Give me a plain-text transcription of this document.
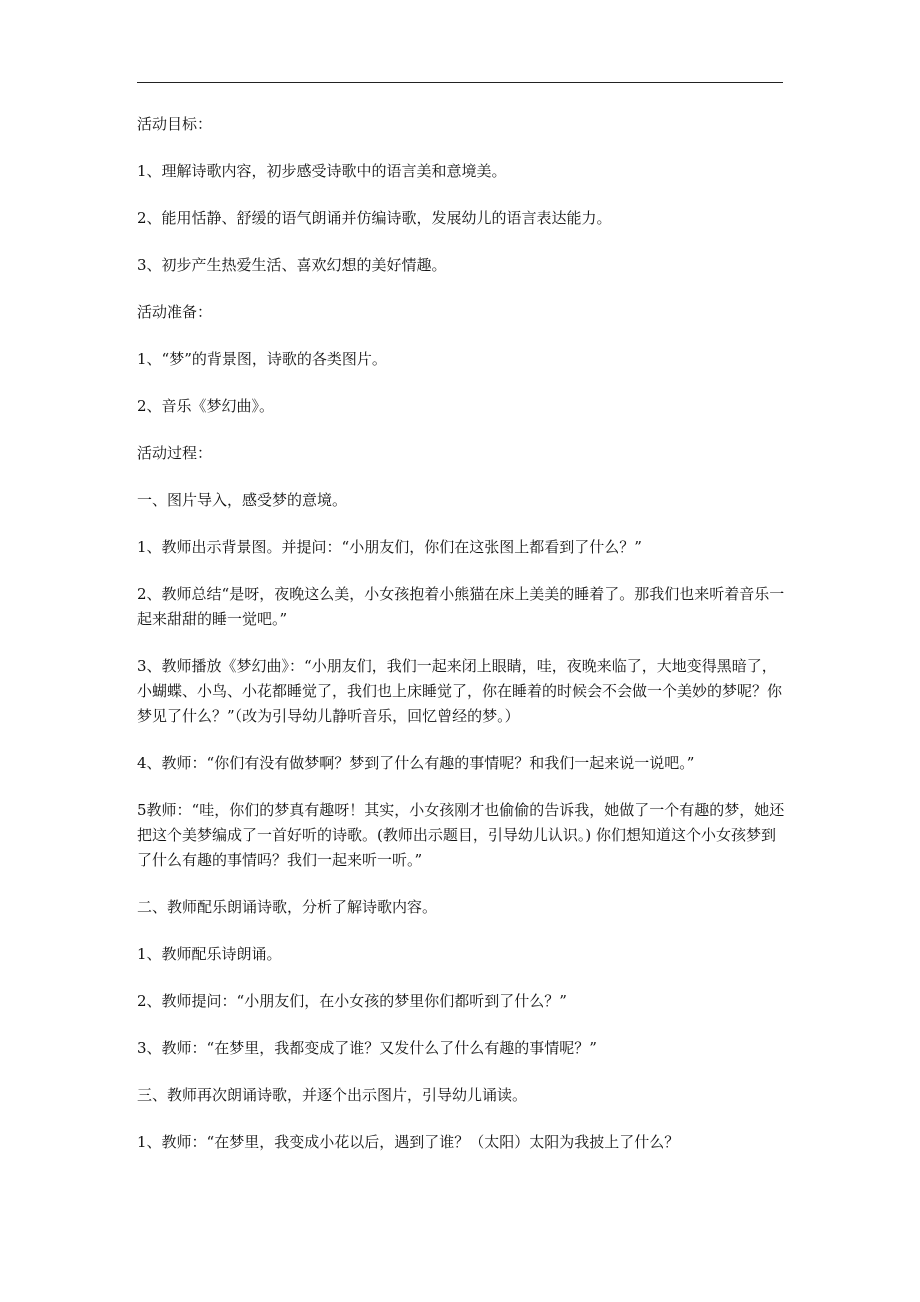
活动目标：

1、理解诗歌内容，初步感受诗歌中的语言美和意境美。

2、能用恬静、舒缓的语气朗诵并仿编诗歌，发展幼儿的语言表达能力。

3、初步产生热爱生活、喜欢幻想的美好情趣。

活动准备：

1、“梦”的背景图，诗歌的各类图片。

2、音乐《梦幻曲》。

活动过程：

一、图片导入，感受梦的意境。

1、教师出示背景图。并提问：“小朋友们，你们在这张图上都看到了什么？”

2、教师总结“是呀，夜晚这么美，小女孩抱着小熊猫在床上美美的睡着了。那我们也来听着音乐一起来甜甜的睡一觉吧。”

3、教师播放《梦幻曲》：“小朋友们，我们一起来闭上眼睛，哇，夜晚来临了，大地变得黑暗了，小蝴蝶、小鸟、小花都睡觉了，我们也上床睡觉了，你在睡着的时候会不会做一个美妙的梦呢？你梦见了什么？”（改为引导幼儿静听音乐，回忆曾经的梦。）

4、教师：“你们有没有做梦啊？梦到了什么有趣的事情呢？和我们一起来说一说吧。”

5教师：“哇，你们的梦真有趣呀！其实，小女孩刚才也偷偷的告诉我，她做了一个有趣的梦，她还把这个美梦编成了一首好听的诗歌。(教师出示题目，引导幼儿认识。) 你们想知道这个小女孩梦到了什么有趣的事情吗？我们一起来听一听。”

二、教师配乐朗诵诗歌，分析了解诗歌内容。

1、教师配乐诗朗诵。

2、教师提问：“小朋友们，在小女孩的梦里你们都听到了什么？”

3、教师：“在梦里，我都变成了谁？又发什么了什么有趣的事情呢？”

三、教师再次朗诵诗歌，并逐个出示图片，引导幼儿诵读。

1、教师：“在梦里，我变成小花以后，遇到了谁？（太阳）太阳为我披上了什么？
